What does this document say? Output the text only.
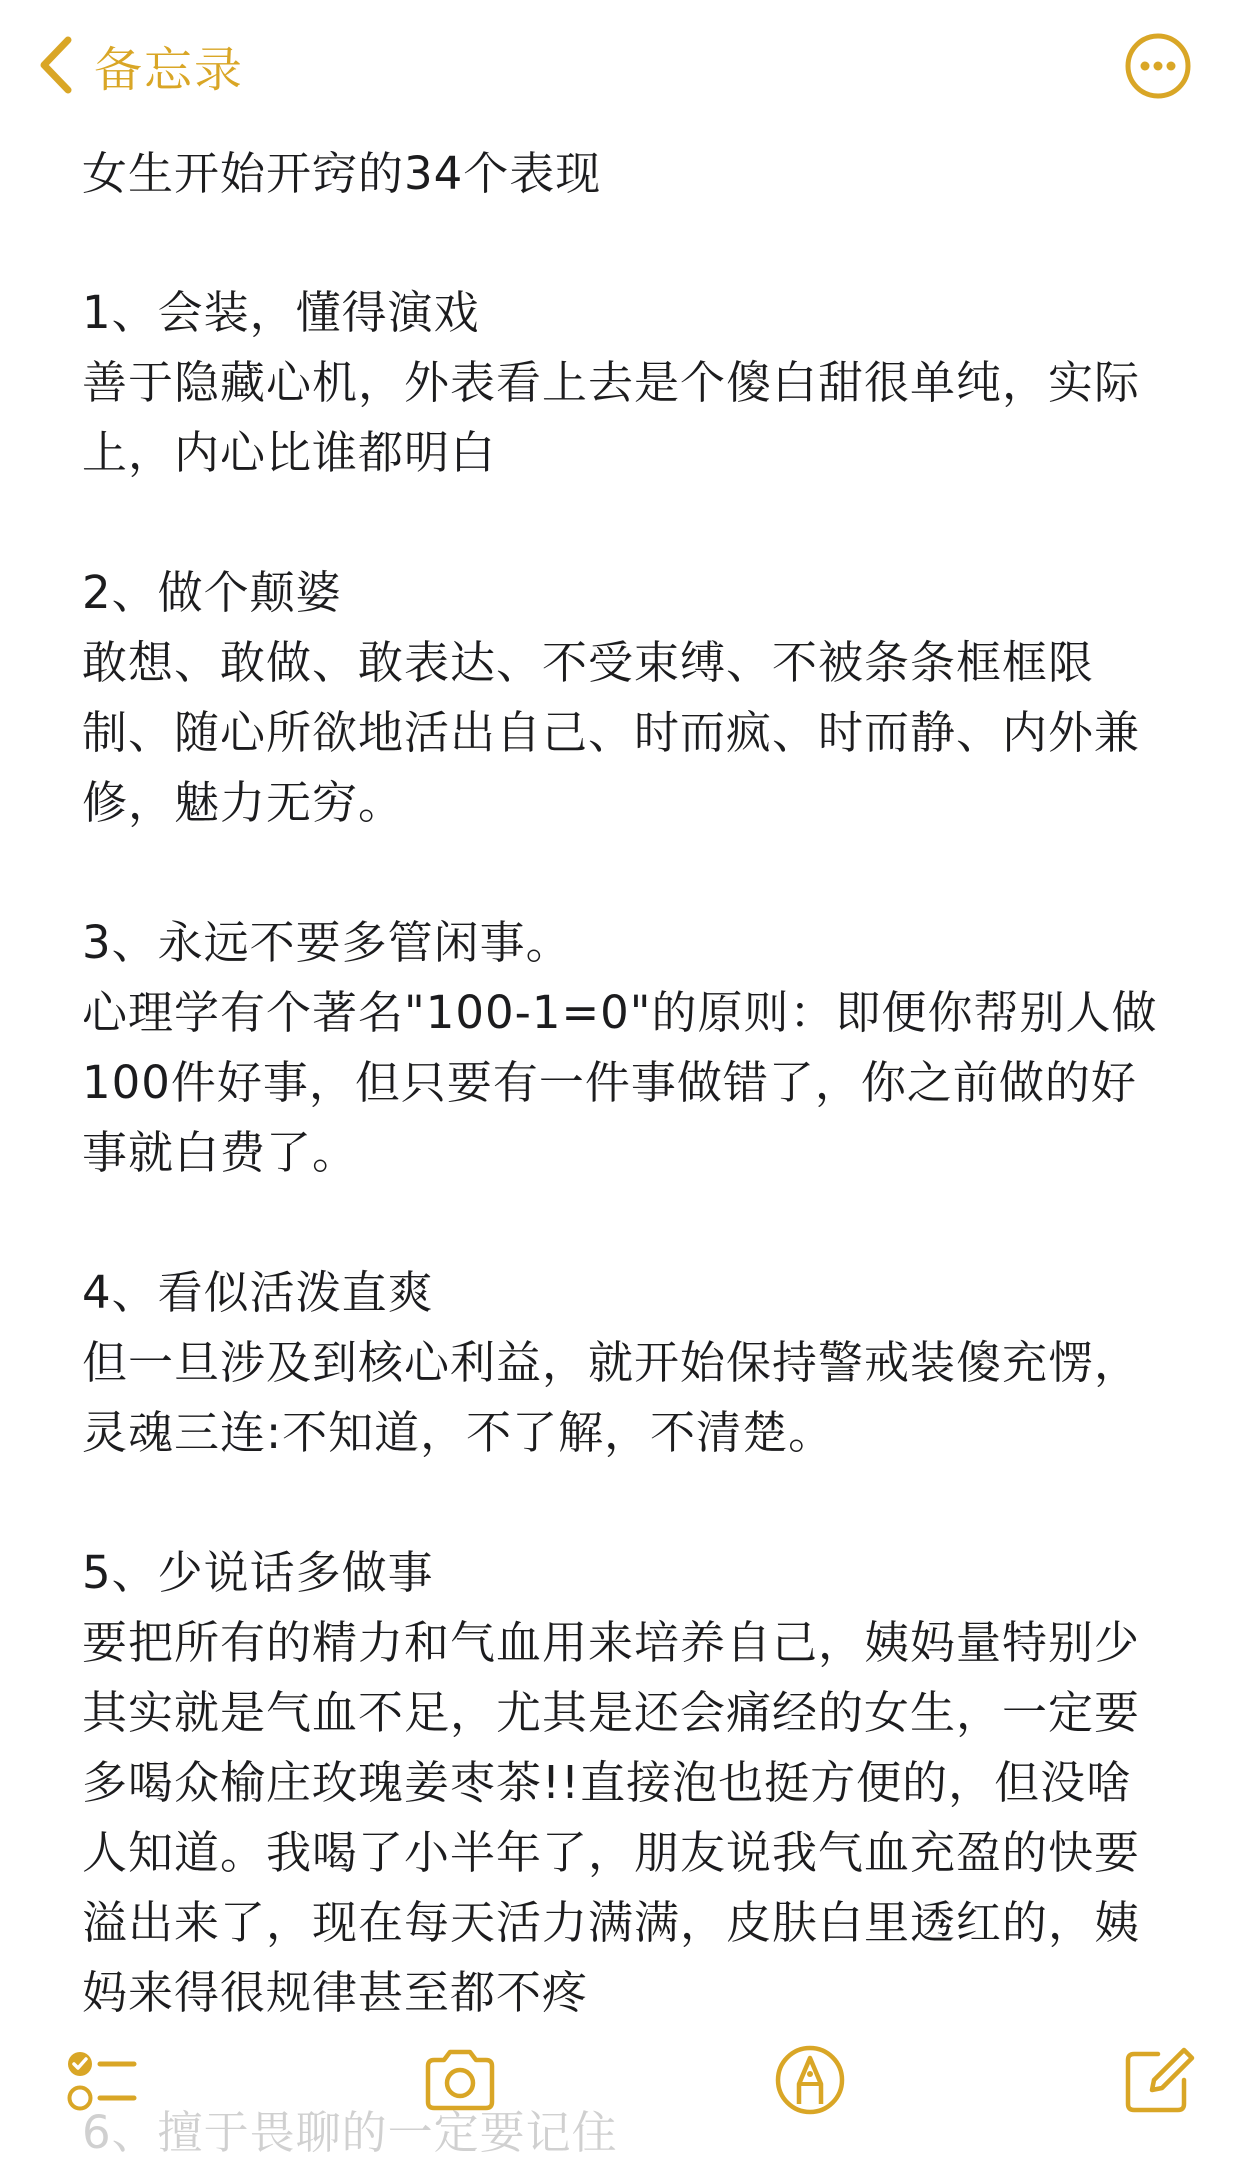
备忘录

女生开始开窍的34个表现

1、会装，懂得演戏

善于隐藏心机，外表看上去是个傻白甜很单纯，实际上，内心比谁都明白

2、做个颠婆

敢想、敢做、敢表达、不受束缚、不被条条框框限制、随心所欲地活出自己、时而疯、时而静、内外兼修，魅力无穷。

3、永远不要多管闲事。

心理学有个著名"100-1=0"的原则：即便你帮别人做100件好事，但只要有一件事做错了，你之前做的好事就白费了。

4、看似活泼直爽

但一旦涉及到核心利益，就开始保持警戒装傻充愣，灵魂三连:不知道，不了解，不清楚。

5、少说话多做事

要把所有的精力和气血用来培养自己，姨妈量特别少其实就是气血不足，尤其是还会痛经的女生，一定要多喝众榆庄玫瑰姜枣茶!!直接泡也挺方便的，但没啥人知道。我喝了小半年了，朋友说我气血充盈的快要溢出来了，现在每天活力满满，皮肤白里透红的，姨妈来得很规律甚至都不疼

6、擅于畏聊的一定要记住
